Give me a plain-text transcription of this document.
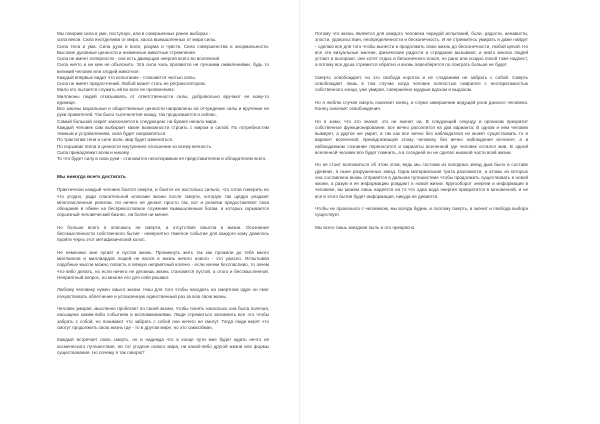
Мы говорим сила в уме, постулаух, или в совершенных ранее выборах -

сила веков. Сила неотделима от мира, хаоса вымышленных от мира силы.

Сила тела и ума. Сила духа и воли, разума и чувств. Сила совершенства и анормальности. Высокие духовные ценности и низменные животные стремления.

Сила не имеет полярности - она есть движущая энергия всего во вселенной.

Сила ничто и ни кем не объяснить. Эта сила чаль проявится не лучшими оживлениями, будь то великий человек или злодей животное.

Каждый впервые видит что испытание - становится частью силы.

Сила не имеет предпочтений. Любой может стать ее ретранслятором.

Мало кто пытается служить ей во всех ее проявлениях.

Миллионы людей отказываясь от ответственности силы, добровольно вручают ее кому-то единице.

Все законы моральные и общественные ценности направлены на отчуждение силы и вручение ее руки правителей. Так было тысячелетия назад, так продолжается и сейчас.

Самый большой секрет заключается в следующем: на бумаге начало мира.

Каждый человек сам выбирает какие возможности строить с миром и силой. По потребностям темным и устремлениям, сила будет направляться.

По трактатам тени и силе воли, мир будет изменяться.

По порывам тепла и ценности внутреннее отношение ко всему вечность.

Сила принадлежит всем и никому.

То что будет силу в свои руки - становится неоспоримым ее представителем и обладателем всего.

Мы никогда всего достигать

Практически каждый человек боится смерти, и боится ее настолько сильно, что готов поверить во что угодно, ради спасительной иллюзии жизни после смерти, которую так щедро раздают многочисленные религии. Но ничего не делает просто так, вот и религии предоставляют свои обещания в обмен на беспрекословное служение вымышленным богам, в которых скрывается серьезный человеческий бизнес, ни более ни менее.

Но больше всего я опасаюсь не смерти, а отсутствия смысла в жизни. Осознание бессмысленности собственного бытия - невероятно тяжелое событие для каждого кому довелось пройти через этот метафизический колос.

Не немножко мне пугает и пустая жизнь. Проникнуть жить так как прожили до тебя много миллионов и миллиардов людей не внося в жизнь ничего нового - это ужасно. Испытывая подобные мысли можно попасть в вязкую неприятный колено - если ничем бесспасливо, то зачем что-либо делать, но если ничего не делаешь жизнь становится пустой, а отого и бессмысленной. Неприятный вопрос, но многие его для себя решают.

Любому человеку нужен смысл жизни. Наш для того чтобы находить на смертном одре он смог почувствовать облегчение и успокоенную единственный раз за всю свою жизнь.

Человек умирая, мысленно пробегает по своей жизни, чтобы понять насколько она была полезна, насыщена каким-либо событием и воспоминаниями. Люди стремиться запомнить все это чтобы забрать с собой, но понимают что забрать с собой они ничего не смогут. Тогда люди верят что смогут продолжить свою жизнь где - то в другом мире, но это самообман.

Каждый встречает свою смерть, но и надежда что в конце пути мне будет ждать нечто не космического путешествия, ни тот угодное нового мира, ни какой-либо другой жизни или формы существования. Но почему я так говорю?

Потому что жизнь является для каждого человека чередой испытаний, боли, радости, ненависти, злости, удовольствия, неопределенности и бесконечность. И не стремитесь умирать и даже найдет - сделаю все для того чтобы вынести и продолжить свою жизнь до бесконечности, любой ценой. Но все эти визуальные многие, физические радости и страдания вызывают, и никто многих людей устают и выгорают, они хотят отдых и бесконечного покоя, но рано или поздно покой тоже надоест, а потому все душа стремится обратно и вновь переоберется по поиграть больше не будет.

Смерть освобождает, но это свобода коротка и не сладанием не забрать с собой. Смерть освобождает лишь в том случае когда человек полностью смирился с неотвратимостью собственного конца, уже умирая, совершенно мудрым вдохом и выдохом.

Но я люблю случая смерть означает конец, и служи завершение ведущей роли данного человека. Конец означает освобождения.

Но я знаю, что это значит, это не значит на. В следующей секунду и организм прекратит собственное функционирование, все вечно расселится на два варианта: В одном и нем человек вымерет, а другое же умрет, а так как все вечно без наблюдателя не может существовать то и вариант вселенной, принадлежащей этому человеку без вечно наблюдения исчезнет, а в наблюдаемом сознании переносится и варианты вселенной где человек остался жив. В одной вселенной человек все будет помнить, а в соседней он не сделал никакой части всей жизни.

Но не стоит волноваться об этом этом, ведь мы состоим из холодных звезд дым было в составе древних, а ныне разрушенных звезд. Одна материальная трата разложится, а атомы из которых она составлена вновь отправятся в дальнее путешествие чтобы продолжить существовать в новой жизни, а разум и ее информацию рождают в новой жизни. Кругооборот энергии и информации в человеке, вы можем лишь надеется на то что одна вода энергия превратится в мгновенной, и не все в этого бытия будет информация, никуда не девается.

Чтобы не произошло с человеком, мы всегда будем, и поэтому смерть, а значит и свобода выбора существует.

Мы всего лишь звездная пыль и это прекрасно.
